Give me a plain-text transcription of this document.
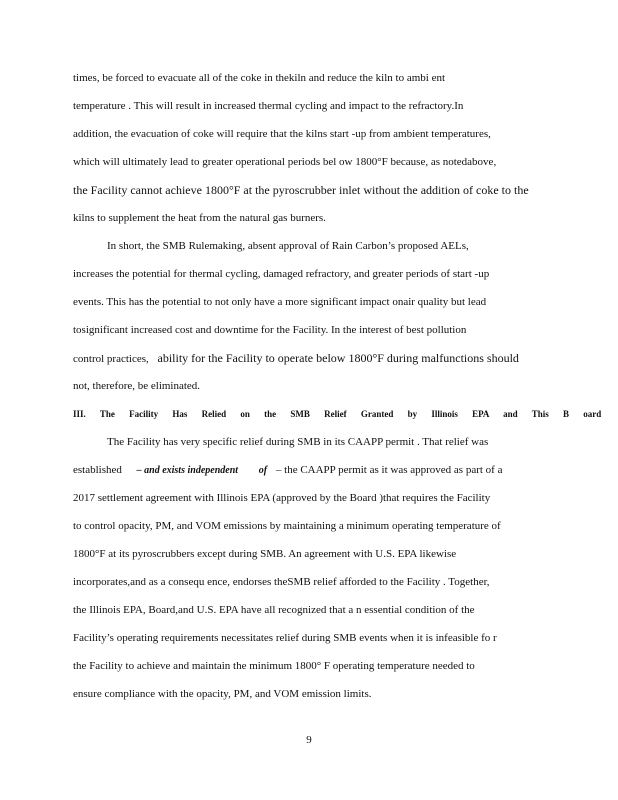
times, be forced to evacuate all of the coke in thekiln and reduce the kiln to ambi ent
temperature . This will result in increased thermal cycling and impact to the refractory.In
addition, the evacuation of coke will require that the kilns start -up from ambient temperatures,
which will ultimately lead to greater operational periods bel ow 1800°F because, as notedabove,
the Facility cannot achieve 1800°F at the pyroscrubber inlet without the addition of coke to the
kilns to supplement the heat from the natural gas burners.
In short, the SMB Rulemaking, absent approval of Rain Carbon’s proposed AELs,
increases the potential for thermal cycling, damaged refractory, and greater periods of start -up
events. This has the potential to not only have a more significant impact onair quality but lead
tosignificant increased cost and downtime for the Facility. In the interest of best pollution
control practices, ability for the Facility to operate below 1800°F during malfunctions should
not, therefore, be eliminated.
III. The Facility Has Relied on the SMB Relief Granted by Illinois EPA and This B oard
The Facility has very specific relief during SMB in its CAAPP permit . That relief was
established – and exists independent of – the CAAPP permit as it was approved as part of a
2017 settlement agreement with Illinois EPA (approved by the Board )that requires the Facility
to control opacity, PM, and VOM emissions by maintaining a minimum operating temperature of
1800°F at its pyroscrubbers except during SMB. An agreement with U.S. EPA likewise
incorporates,and as a consequ ence, endorses theSMB relief afforded to the Facility . Together,
the Illinois EPA, Board,and U.S. EPA have all recognized that a n essential condition of the
Facility’s operating requirements necessitates relief during SMB events when it is infeasible fo r
the Facility to achieve and maintain the minimum 1800° F operating temperature needed to
ensure compliance with the opacity, PM, and VOM emission limits.
9
